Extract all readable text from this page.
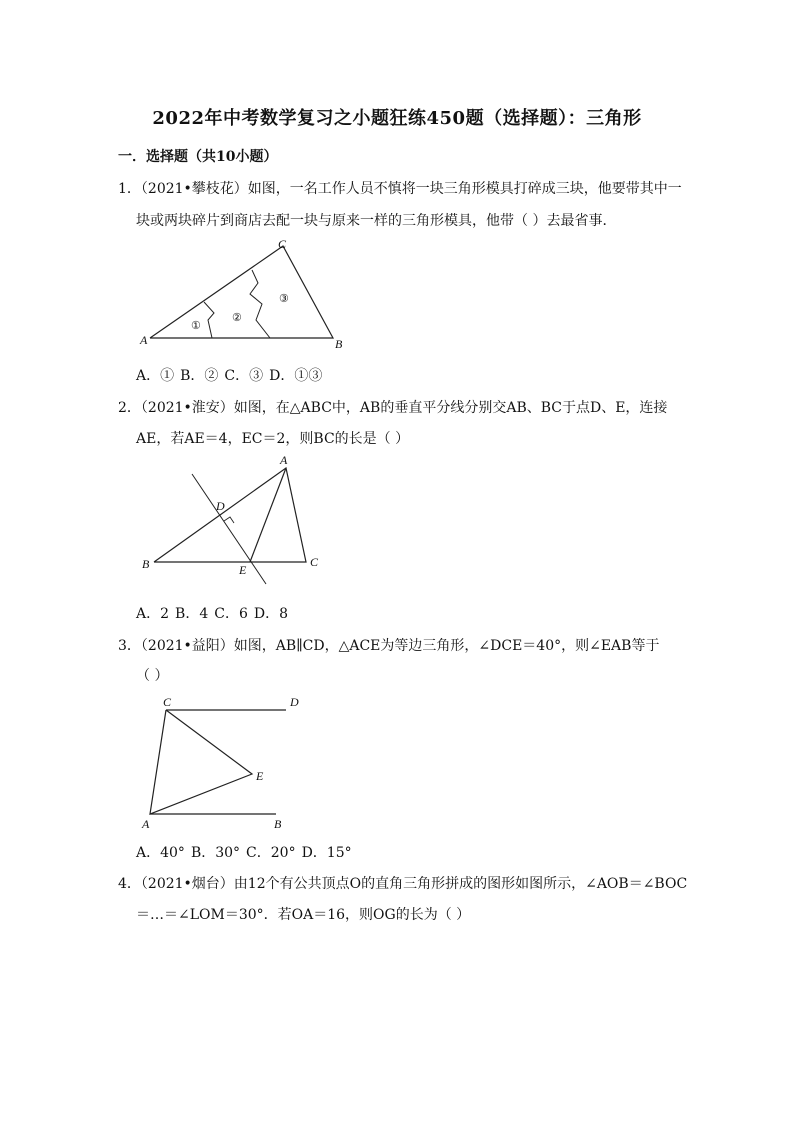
2022年中考数学复习之小题狂练450题（选择题）：三角形
一．选择题（共10小题）
1．（2021•攀枝花）如图，一名工作人员不慎将一块三角形模具打碎成三块，他要带其中一
块或两块碎片到商店去配一块与原来一样的三角形模具，他带（ ）去最省事．
A	B
C
①
②
③
A．① B．② C．③ D．①③
2．（2021•淮安）如图，在△ABC中，AB的垂直平分线分别交AB、BC于点D、E，连接
AE，若AE＝4，EC＝2，则BC的长是（ ）
A
B	C
D
E
A．2 B．4 C．6 D．8
3．（2021•益阳）如图，AB∥CD，△ACE为等边三角形，∠DCE＝40°，则∠EAB等于
（ ）
C	D
E
A	B
A．40° B．30° C．20° D．15°
4．（2021•烟台）由12个有公共顶点O的直角三角形拼成的图形如图所示，∠AOB＝∠BOC
＝…＝∠LOM＝30°．若OA＝16，则OG的长为（ ）
